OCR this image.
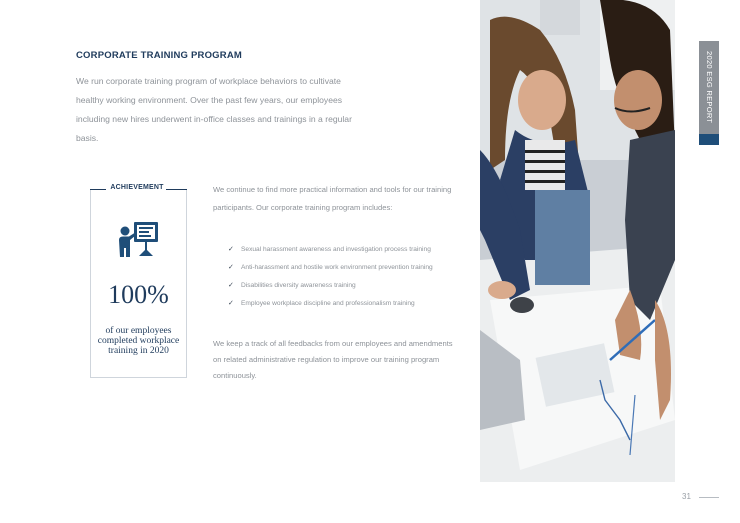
CORPORATE TRAINING PROGRAM

We run corporate training program of workplace behaviors to cultivate healthy working environment. Over the past few years, our employees including new hires underwent in-office classes and trainings in a regular basis.

ACHIEVEMENT
100%
of our employees completed workplace training in 2020

We continue to find more practical information and tools for our training participants. Our corporate training program includes:

✓ Sexual harassment awareness and investigation process training
✓ Anti-harassment and hostile work environment prevention training
✓ Disabilities diversity awareness training
✓ Employee workplace discipline and professionalism training

We keep a track of all feedbacks from our employees and amendments on related administrative regulation to improve our training program continuously.

2020 ESG REPORT
31
